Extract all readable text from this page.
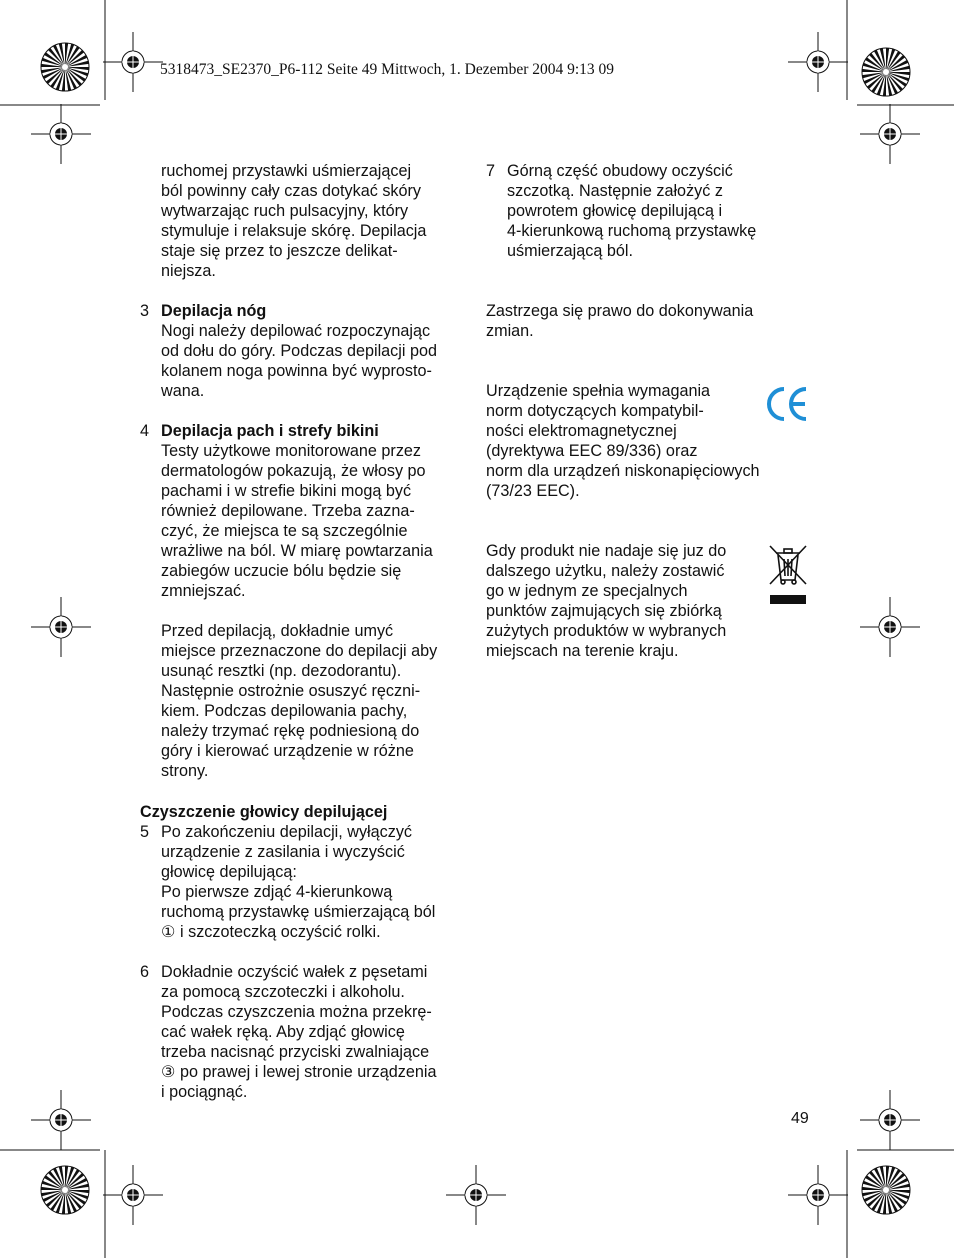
5318473_SE2370_P6-112 Seite 49 Mittwoch, 1. Dezember 2004 9:13 09
ruchomej przystawki uśmierzającej
ból powinny cały czas dotykać skóry
wytwarzając ruch pulsacyjny, który
stymuluje i relaksuje skórę. Depilacja
staje się przez to jeszcze delikat-
niejsza.
3 Depilacja nóg
Nogi należy depilować rozpoczynając
od dołu do góry. Podczas depilacji pod
kolanem noga powinna być wyprosto-
wana.
4 Depilacja pach i strefy bikini
Testy użytkowe monitorowane przez
dermatologów pokazują, że włosy po
pachami i w strefie bikini mogą być
również depilowane. Trzeba zazna-
czyć, że miejsca te są szczególnie
wrażliwe na ból. W miarę powtarzania
zabiegów uczucie bólu będzie się
zmniejszać.
Przed depilacją, dokładnie umyć
miejsce przeznaczone do depilacji aby
usunąć resztki (np. dezodorantu).
Następnie ostrożnie osuszyć ręczni-
kiem. Podczas depilowania pachy,
należy trzymać rękę podniesioną do
góry i kierować urządzenie w różne
strony.
Czyszczenie głowicy depilującej
5 Po zakończeniu depilacji, wyłączyć
urządzenie z zasilania i wyczyścić
głowicę depilującą:
Po pierwsze zdjąć 4-kierunkową
ruchomą przystawkę uśmierzającą ból
① i szczoteczką oczyścić rolki.
6 Dokładnie oczyścić wałek z pęsetami
za pomocą szczoteczki i alkoholu.
Podczas czyszczenia można przekrę-
cać wałek ręką. Aby zdjąć głowicę
trzeba nacisnąć przyciski zwalniające
③ po prawej i lewej stronie urządzenia
i pociągnąć.
7 Górną część obudowy oczyścić
szczotką. Następnie założyć z
powrotem głowicę depilującą i
4-kierunkową ruchomą przystawkę
uśmierzającą ból.
Zastrzega się prawo do dokonywania
zmian.
Urządzenie spełnia wymagania
norm dotyczących kompatybil-
ności elektromagnetycznej
(dyrektywa EEC 89/336) oraz
norm dla urządzeń niskonapięciowych
(73/23 EEC).
Gdy produkt nie nadaje się juz do
dalszego użytku, należy zostawić
go w jednym ze specjalnych
punktów zajmujących się zbiórką
zużytych produktów w wybranych
miejscach na terenie kraju.
49
